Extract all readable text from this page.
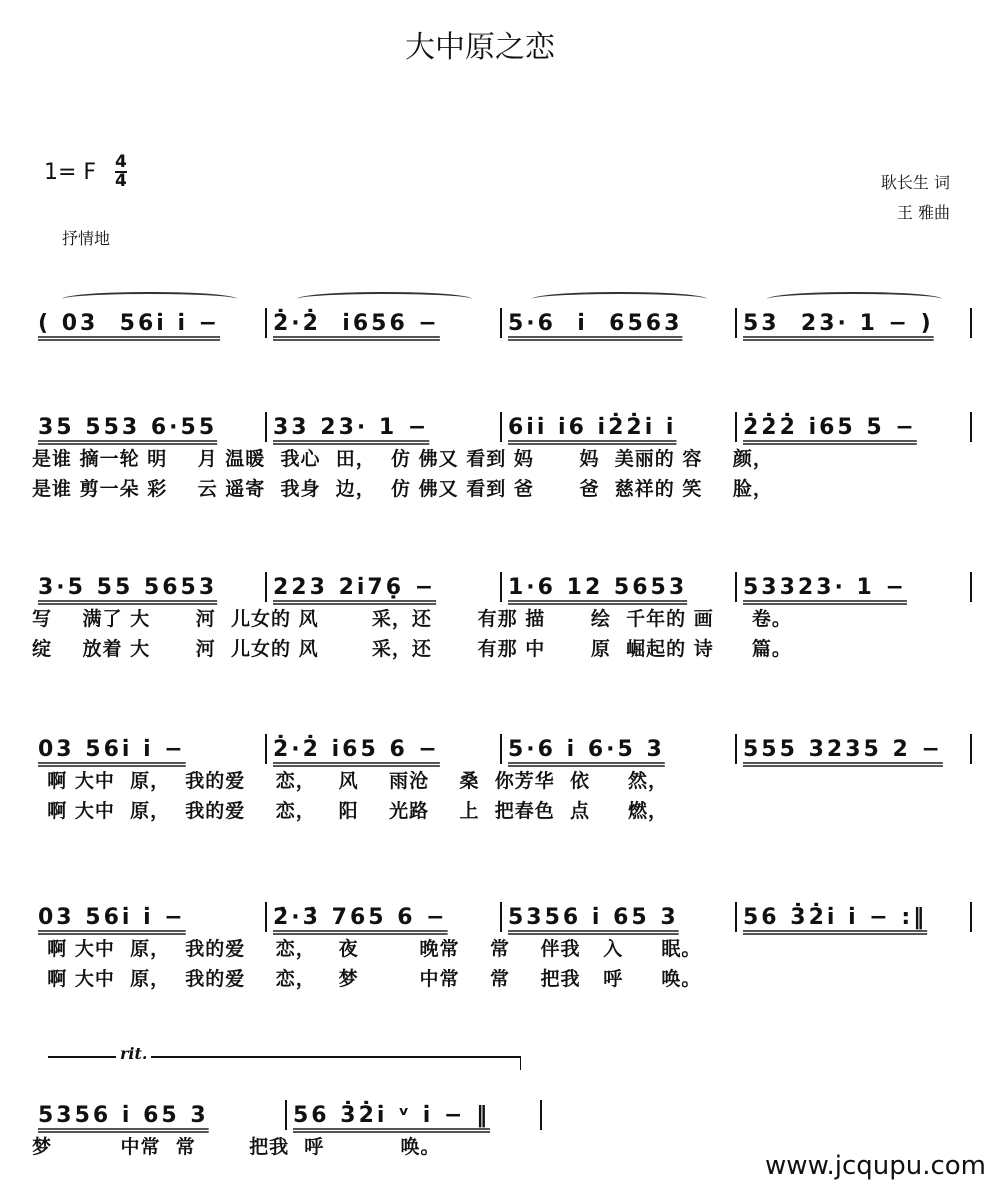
大中原之恋
1= F 4
4	耿长生 词
王 雅曲
抒情地
( 03  56i̇ i̇ −	2̇·2̇  i̇656 −	5·6  i̇  6563	53  23· 1 − )
35 553 6·55	33 23· 1 −	6i̇i̇ i̇6 i̇2̇2̇i̇ i̇	2̇2̇2̇ i̇65 5 −
是谁 摘一轮 明    月 温暖  我心  田，  仿 佛又 看到 妈      妈  美丽的 容    颜，
是谁 剪一朵 彩    云 遥寄  我身  边，  仿 佛又 看到 爸      爸  慈祥的 笑    脸，
3·5 55 5653	223 2i̇76̣ −	1·6 12 5653	53323· 1 −
写    满了 大      河  儿女的 风       采，还      有那 描      绘  千年的 画     卷。
绽    放着 大      河  儿女的 风       采，还      有那 中      原  崛起的 诗     篇。
03 56i̇ i̇ −	2̇·2̇ i̇65 6 −	5·6 i̇ 6·5 3	555 3235 2 −
啊 大中  原，  我的爱    恋，   风    雨沧    桑  你芳华  依     然，
啊 大中  原，  我的爱    恋，   阳    光路    上  把春色  点     燃，
03 56i̇ i̇ −	2̇·3̇ 765 6 −	5356 i̇ 65 3	56 3̇2̇i̇ i̇ − :‖
啊 大中  原，  我的爱    恋，   夜        晚常    常    伴我   入     眠。
啊 大中  原，  我的爱    恋，   梦        中常    常    把我   呼     唤。
5356 i̇ 65 3	56 3̇2̇i̇ ᵛ i̇ − ‖
梦         中常  常       把我  呼          唤。
rit.
www.jcqupu.com
